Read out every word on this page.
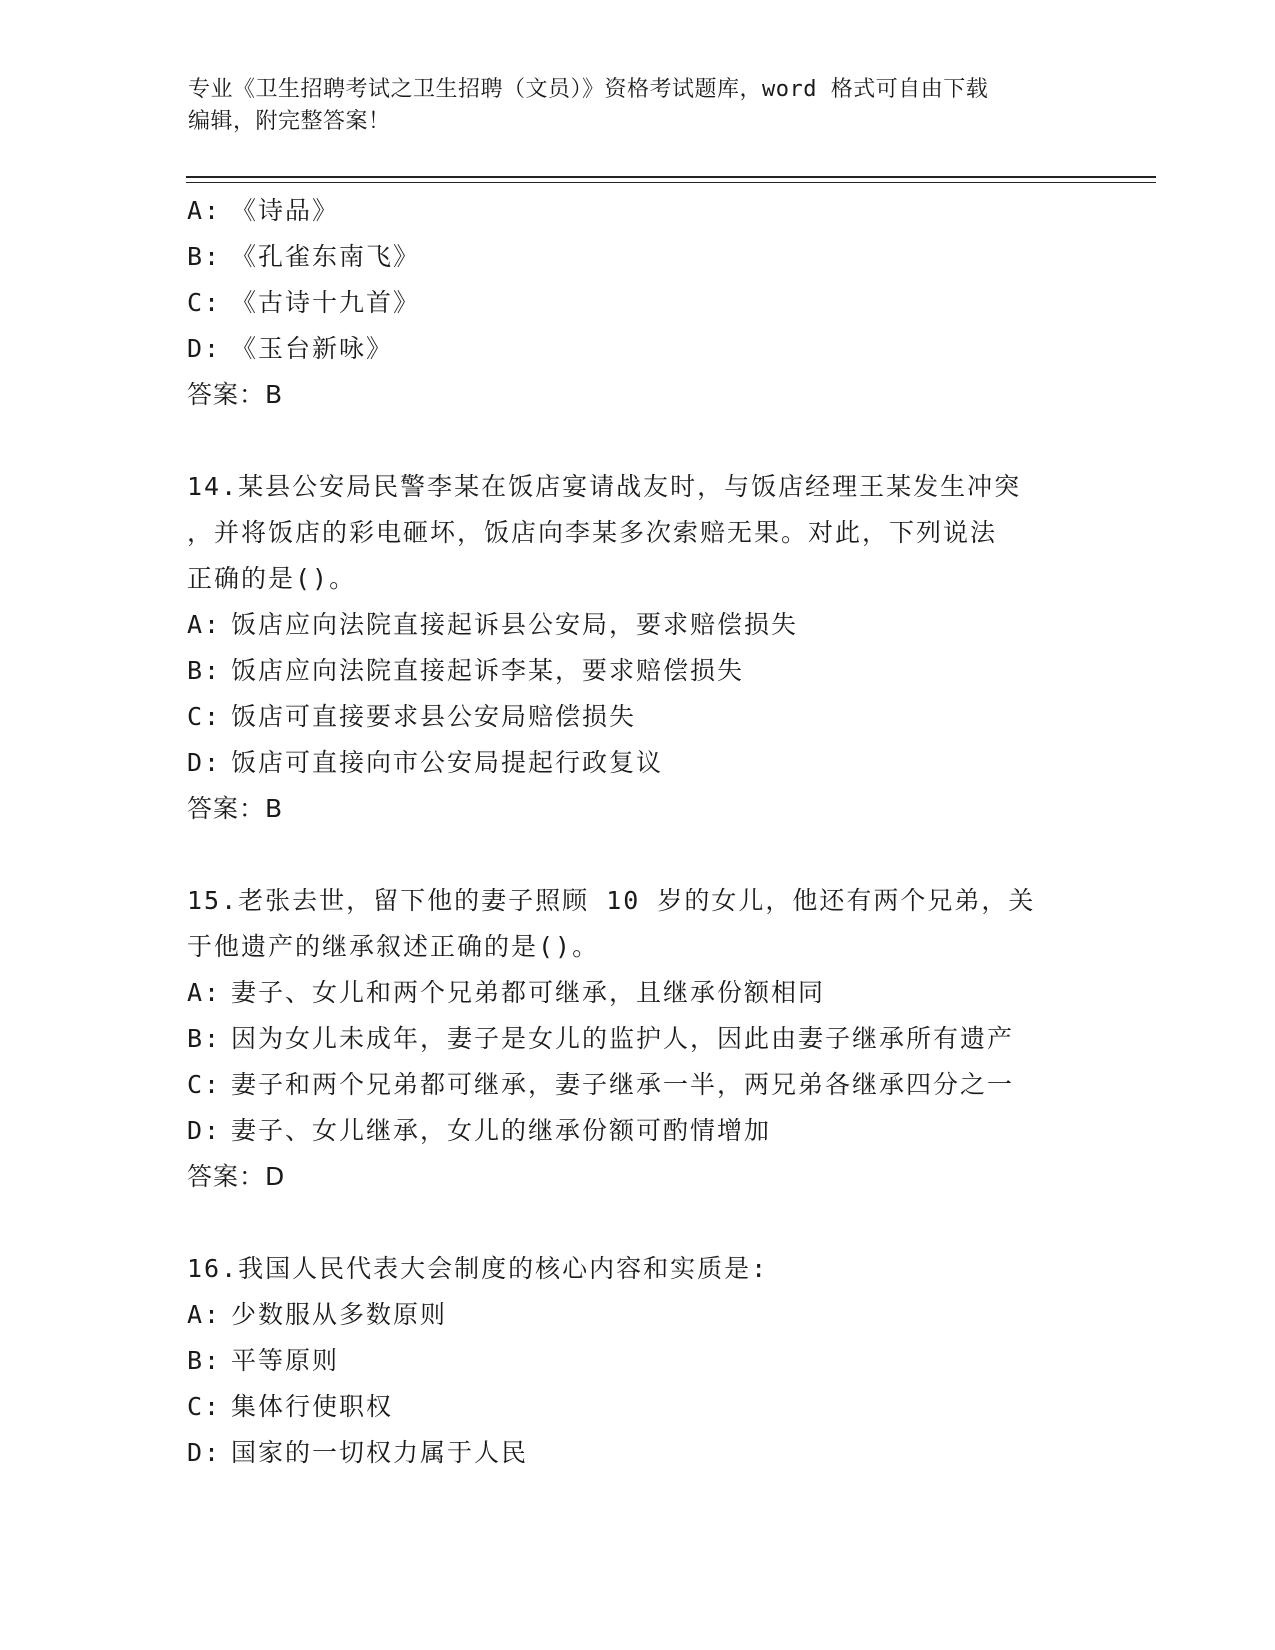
专业《卫生招聘考试之卫生招聘（文员）》资格考试题库，word 格式可自由下载
编辑，附完整答案！
A: 《诗品》
B: 《孔雀东南飞》
C: 《古诗十九首》
D: 《玉台新咏》
答案：B
14.某县公安局民警李某在饭店宴请战友时，与饭店经理王某发生冲突
，并将饭店的彩电砸坏，饭店向李某多次索赔无果。对此，下列说法
正确的是()。
A: 饭店应向法院直接起诉县公安局，要求赔偿损失
B: 饭店应向法院直接起诉李某，要求赔偿损失
C: 饭店可直接要求县公安局赔偿损失
D: 饭店可直接向市公安局提起行政复议
答案：B
15.老张去世，留下他的妻子照顾 10 岁的女儿，他还有两个兄弟，关
于他遗产的继承叙述正确的是()。
A: 妻子、女儿和两个兄弟都可继承，且继承份额相同
B: 因为女儿未成年，妻子是女儿的监护人，因此由妻子继承所有遗产
C: 妻子和两个兄弟都可继承，妻子继承一半，两兄弟各继承四分之一
D: 妻子、女儿继承，女儿的继承份额可酌情增加
答案：D
16.我国人民代表大会制度的核心内容和实质是:
A: 少数服从多数原则
B: 平等原则
C: 集体行使职权
D: 国家的一切权力属于人民
